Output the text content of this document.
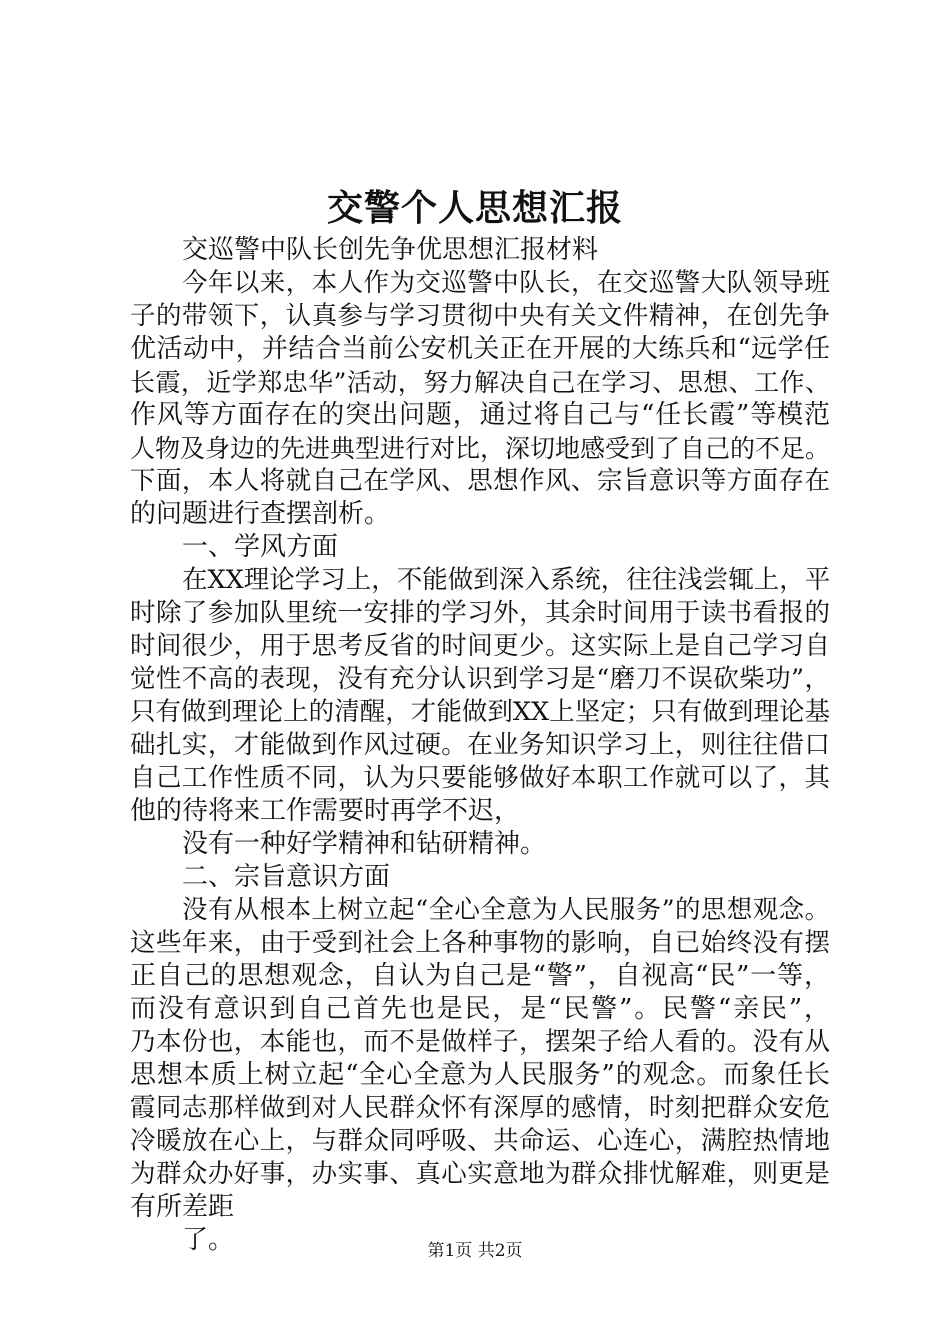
交警个人思想汇报
交巡警中队长创先争优思想汇报材料
今年以来，本人作为交巡警中队长，在交巡警大队领导班
子的带领下，认真参与学习贯彻中央有关文件精神，在创先争
优活动中，并结合当前公安机关正在开展的大练兵和“远学任
长霞，近学郑忠华”活动，努力解决自己在学习、思想、工作、
作风等方面存在的突出问题，通过将自己与“任长霞”等模范
人物及身边的先进典型进行对比，深切地感受到了自己的不足。
下面，本人将就自己在学风、思想作风、宗旨意识等方面存在
的问题进行查摆剖析。
一、学风方面
在XX理论学习上，不能做到深入系统，往往浅尝辄上，平
时除了参加队里统一安排的学习外，其余时间用于读书看报的
时间很少，用于思考反省的时间更少。这实际上是自己学习自
觉性不高的表现，没有充分认识到学习是“磨刀不误砍柴功”，
只有做到理论上的清醒，才能做到XX上坚定；只有做到理论基
础扎实，才能做到作风过硬。在业务知识学习上，则往往借口
自己工作性质不同，认为只要能够做好本职工作就可以了，其
他的待将来工作需要时再学不迟，
没有一种好学精神和钻研精神。
二、宗旨意识方面
没有从根本上树立起“全心全意为人民服务”的思想观念。
这些年来，由于受到社会上各种事物的影响，自已始终没有摆
正自己的思想观念，自认为自己是“警”，自视高“民”一等，
而没有意识到自己首先也是民，是“民警”。民警“亲民”，
乃本份也，本能也，而不是做样子，摆架子给人看的。没有从
思想本质上树立起“全心全意为人民服务”的观念。而象任长
霞同志那样做到对人民群众怀有深厚的感情，时刻把群众安危
冷暖放在心上，与群众同呼吸、共命运、心连心，满腔热情地
为群众办好事，办实事、真心实意地为群众排忧解难，则更是
有所差距
了。	第1页 共2页
